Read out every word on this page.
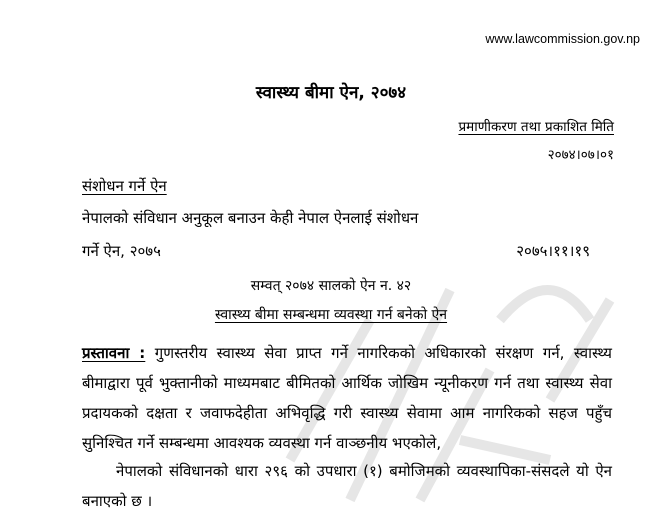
www.lawcommission.gov.np
स्वास्थ्य बीमा ऐन, २०७४
प्रमाणीकरण तथा प्रकाशित मिति
२०७४।०७।०१
संशोधन गर्ने ऐन
नेपालको संविधान अनुकूल बनाउन केही नेपाल ऐनलाई संशोधन
गर्ने ऐन, २०७५	२०७५।११।१९
सम्वत् २०७४ सालको ऐन न. ४२
स्वास्थ्य बीमा सम्बन्धमा व्यवस्था गर्न बनेको ऐन
प्रस्तावना : गुणस्तरीय स्वास्थ्य सेवा प्राप्त गर्ने नागरिकको अधिकारको संरक्षण गर्न, स्वास्थ्य बीमाद्वारा पूर्व भुक्तानीको माध्यमबाट बीमितको आर्थिक जोखिम न्यूनीकरण गर्न तथा स्वास्थ्य सेवा प्रदायकको दक्षता र जवाफदेहीता अभिवृद्धि गरी स्वास्थ्य सेवामा आम नागरिकको सहज पहुँच सुनिश्चित गर्ने सम्बन्धमा आवश्यक व्यवस्था गर्न वाञ्छनीय भएकोले,
नेपालको संविधानको धारा २९६ को उपधारा (१) बमोजिमको व्यवस्थापिका-संसदले यो ऐन बनाएको छ ।
